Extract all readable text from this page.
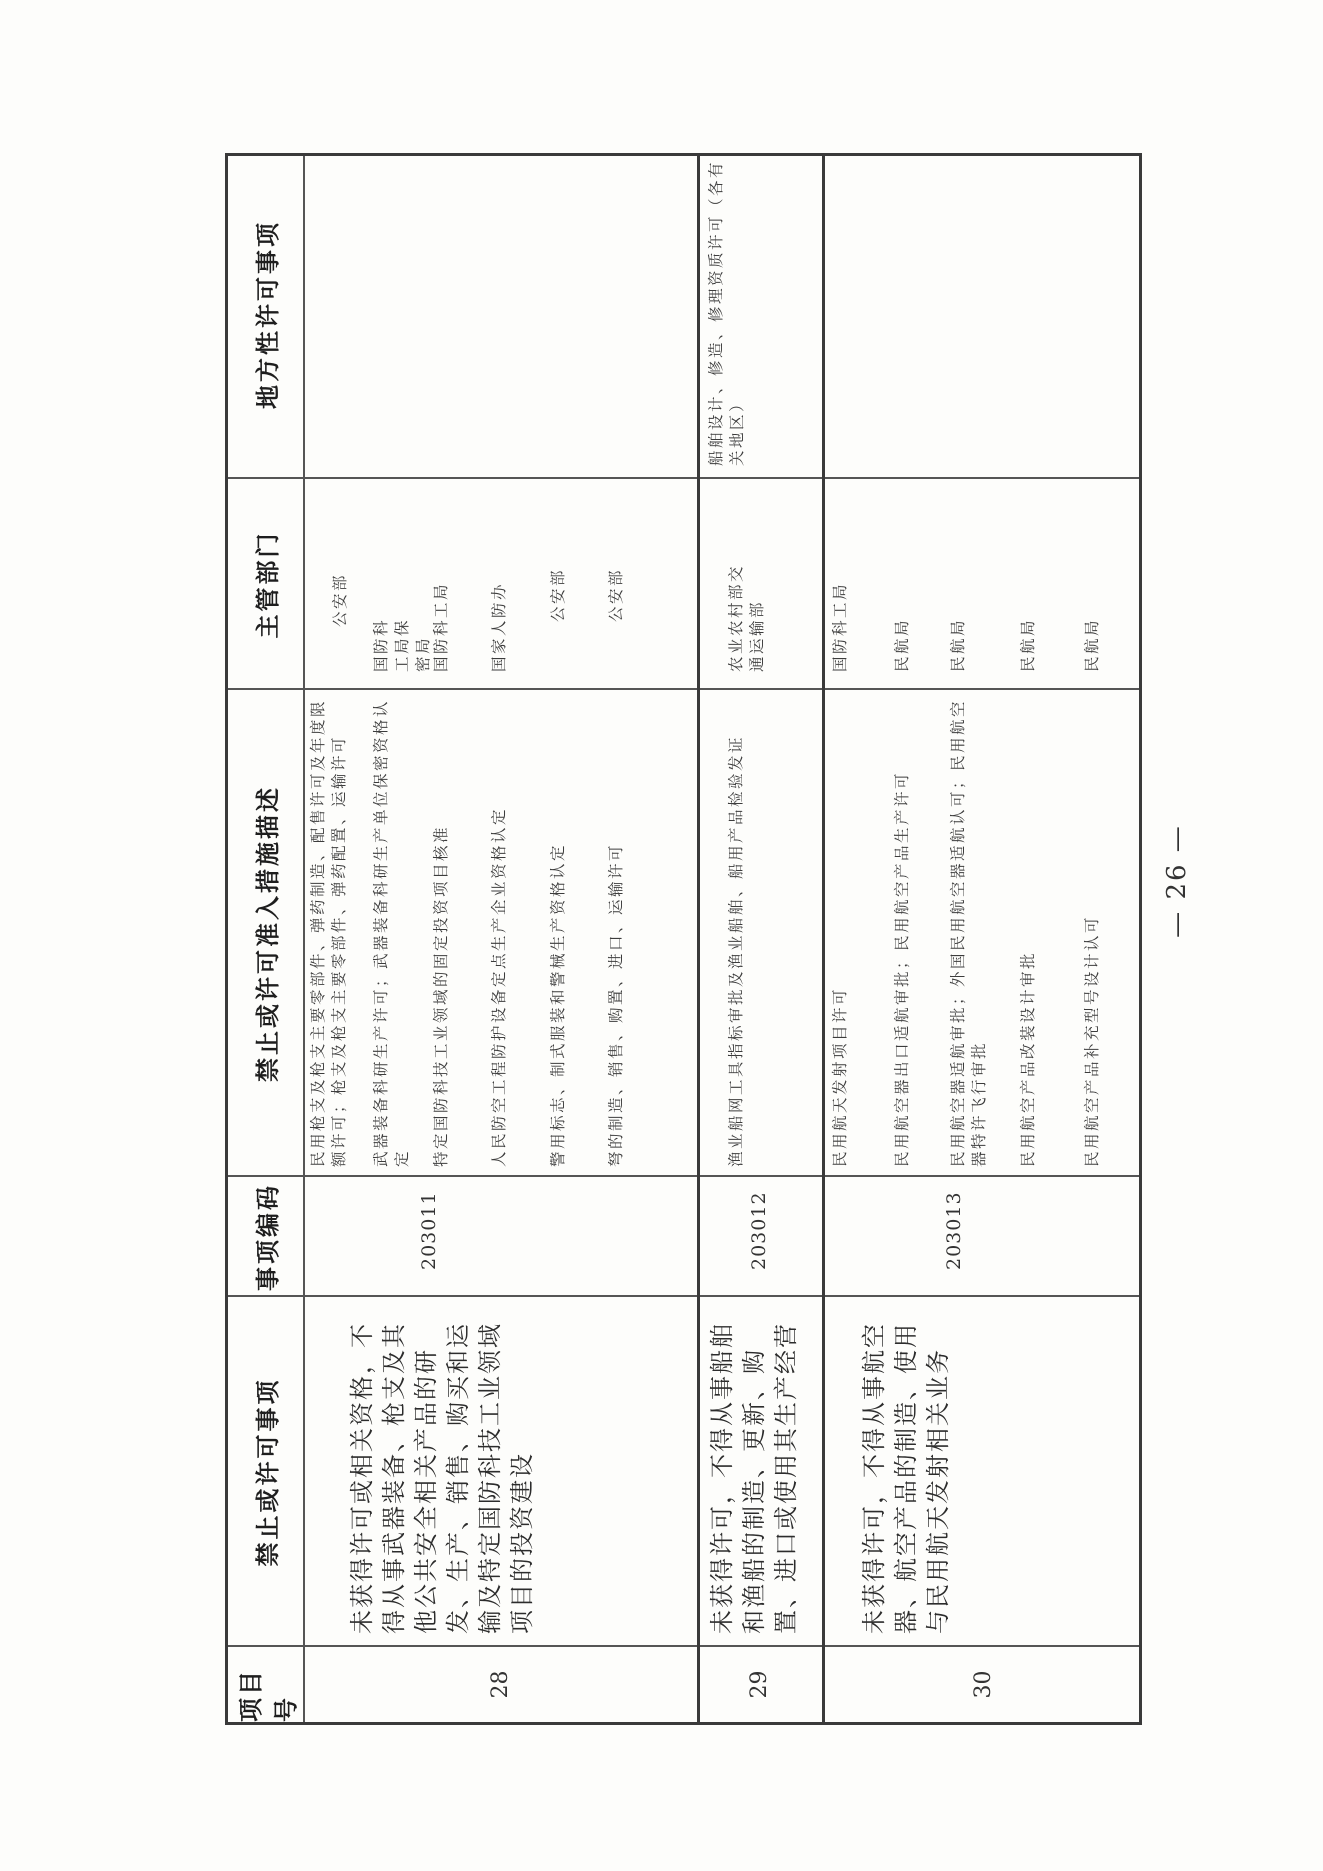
项目号
禁止或许可事项
事项编码
禁止或许可准入措施描述
主管部门
地方性许可事项
28
未获得许可或相关资格，不得从事武器装备、枪支及其他公共安全相关产品的研发、生产、销售、购买和运输及特定国防科技工业领域项目的投资建设
203011
民用枪支及枪支主要零部件、弹药制造、配售许可及年度限额许可；枪支及枪支主要零部件、弹药配置、运输许可
公安部
武器装备科研生产许可；武器装备科研生产单位保密资格认定
国防科工局保密局
特定国防科技工业领域的固定投资项目核准
国防科工局
人民防空工程防护设备定点生产企业资格认定
国家人防办
警用标志、制式服装和警械生产资格认定
公安部
弩的制造、销售、购置、进口、运输许可
公安部
29
未获得许可，不得从事船舶和渔船的制造、更新、购置、进口或使用其生产经营
203012
渔业船网工具指标审批及渔业船舶、船用产品检验发证
农业农村部交通运输部
船舶设计、修造、修理资质许可（各有关地区）
30
未获得许可，不得从事航空器、航空产品的制造、使用与民用航天发射相关业务
203013
民用航天发射项目许可
国防科工局
民用航空器出口适航审批；民用航空产品生产许可
民航局
民用航空器适航审批；外国民用航空器适航认可；民用航空器特许飞行审批
民航局
民用航空产品改装设计审批
民航局
民用航空产品补充型号设计认可
民航局
— 26 —
